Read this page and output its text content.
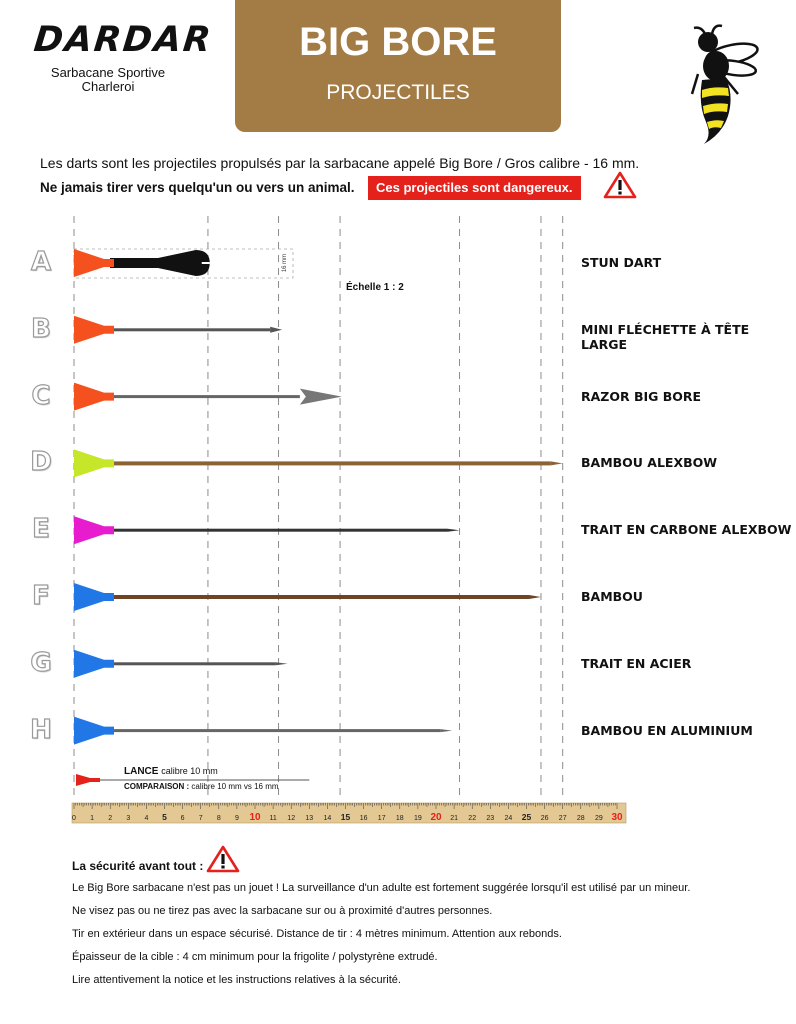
DARDAR
Sarbacane Sportive
Charleroi
BIG BORE
PROJECTILES
Les darts sont les projectiles propulsés par la sarbacane appelé Big Bore / Gros calibre - 16 mm.
Ne jamais tirer vers quelqu'un ou vers un animal.	Ces projectiles sont dangereux.
16 mm
0 1 2 3 4 5 6 7 8 9 10 11 12 13 14 15 16 17 18 19 20 21 22 23 24 25 26 27 28 29 30
Échelle 1 : 2
LANCE calibre 10 mm
COMPARAISON : calibre 10 mm vs 16 mm
A	STUN DART
B	MINI FLÉCHETTE À TÊTE LARGE
C	RAZOR BIG BORE
D	BAMBOU ALEXBOW
E	TRAIT EN CARBONE ALEXBOW
F	BAMBOU
G	TRAIT EN ACIER
H	BAMBOU EN ALUMINIUM
La sécurité avant tout :
Le Big Bore sarbacane n'est pas un jouet ! La surveillance d'un adulte est fortement suggérée lorsqu'il est utilisé par un mineur.
Ne visez pas ou ne tirez pas avec la sarbacane sur ou à proximité d'autres personnes.
Tir en extérieur dans un espace sécurisé. Distance de tir : 4 mètres minimum. Attention aux rebonds.
Épaisseur de la cible : 4 cm minimum pour la frigolite / polystyrène extrudé.
Lire attentivement la notice et les instructions relatives à la sécurité.
